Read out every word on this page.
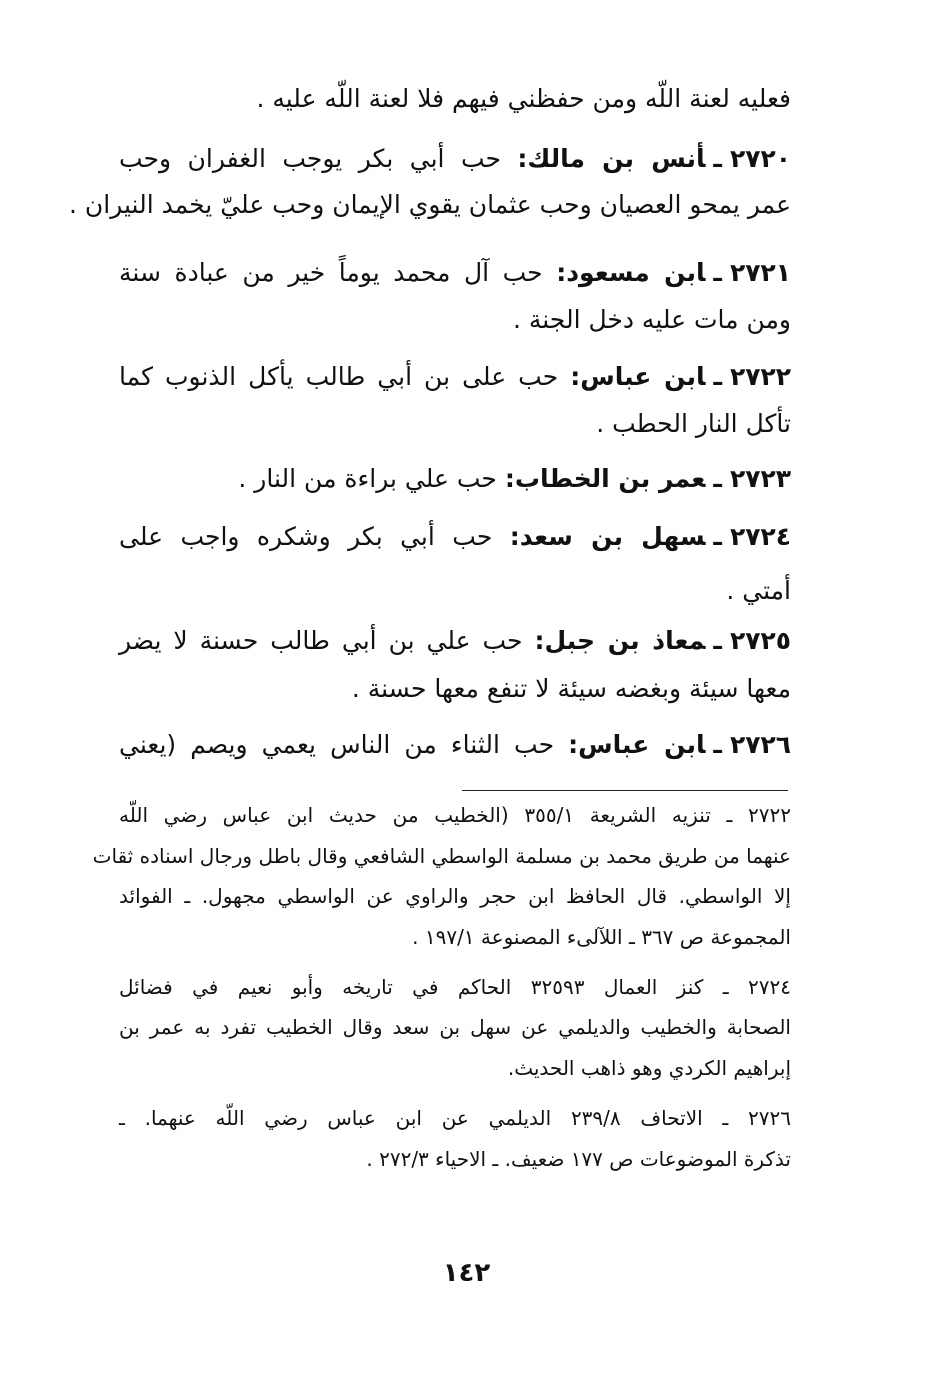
فعليه لعنة اللّه ومن حفظني فيهم فلا لعنة اللّه عليه .
٢٧٢٠ـأنس بن مالك: حب أبي بكر يوجب الغفران وحب
عمر يمحو العصيان وحب عثمان يقوي الإيمان وحب عليّ يخمد النيران .
٢٧٢١ـابن مسعود: حب آل محمد يوماً خير من عبادة سنة
ومن مات عليه دخل الجنة .
٢٧٢٢ـابن عباس: حب على بن أبي طالب يأكل الذنوب كما
تأكل النار الحطب .
٢٧٢٣ـعمر بن الخطاب: حب علي براءة من النار .
٢٧٢٤ـسهل بن سعد: حب أبي بكر وشكره واجب على
أمتي .
٢٧٢٥ـمعاذ بن جبل: حب علي بن أبي طالب حسنة لا يضر
معها سيئة وبغضه سيئة لا تنفع معها حسنة .
٢٧٢٦ـابن عباس: حب الثناء من الناس يعمي ويصم (يعني
٢٧٢٢ ـ تنزيه الشريعة ٣٥٥/١ (الخطيب من حديث ابن عباس رضي اللّه
عنهما من طريق محمد بن مسلمة الواسطي الشافعي وقال باطل ورجال اسناده ثقات
إلا الواسطي. قال الحافظ ابن حجر والراوي عن الواسطي مجهول. ـ الفوائد
المجموعة ص ٣٦٧ ـ اللآلىء المصنوعة ١٩٧/١ .
٢٧٢٤ ـ كنز العمال ٣٢٥٩٣ الحاكم في تاريخه وأبو نعيم في فضائل
الصحابة والخطيب والديلمي عن سهل بن سعد وقال الخطيب تفرد به عمر بن
إبراهيم الكردي وهو ذاهب الحديث.
٢٧٢٦ ـ الاتحاف ٢٣٩/٨ الديلمي عن ابن عباس رضي اللّه عنهما. ـ
تذكرة الموضوعات ص ١٧٧ ضعيف. ـ الاحياء ٢٧٢/٣ .
١٤٢
